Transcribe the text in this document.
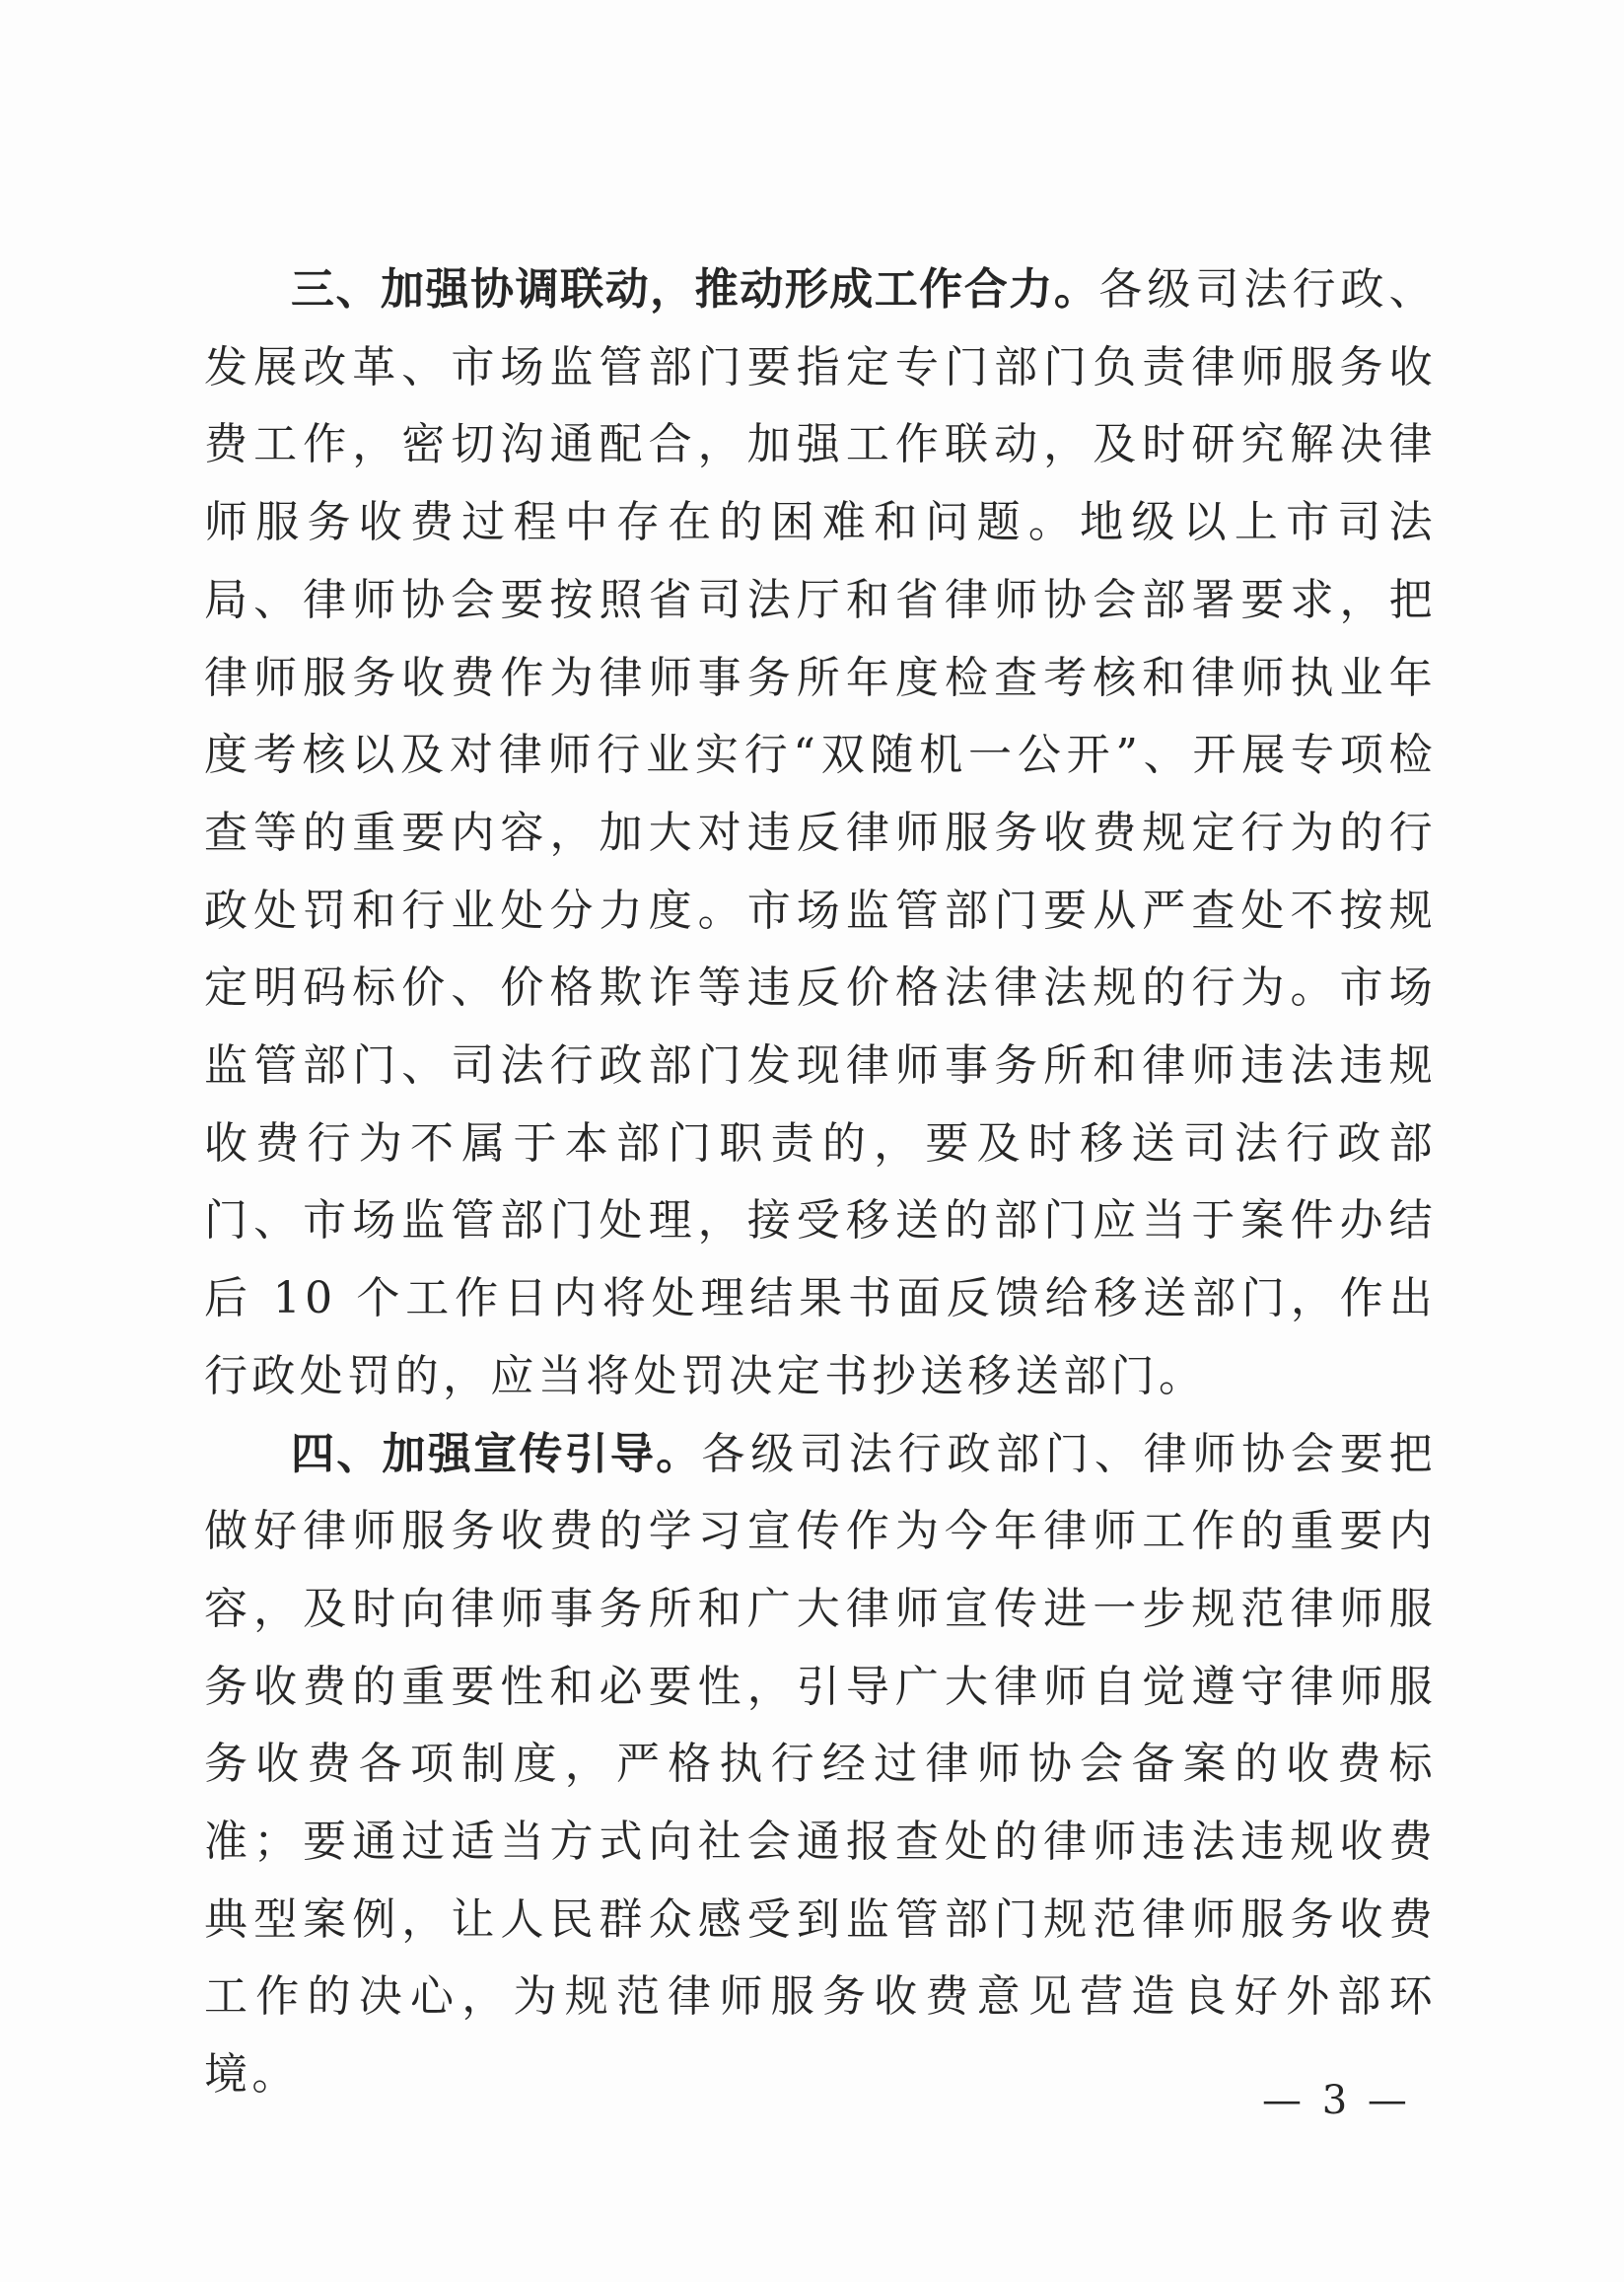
三、加强协调联动，推动形成工作合力。各级司法行政、发展改革、市场监管部门要指定专门部门负责律师服务收费工作，密切沟通配合，加强工作联动，及时研究解决律师服务收费过程中存在的困难和问题。地级以上市司法局、律师协会要按照省司法厅和省律师协会部署要求，把律师服务收费作为律师事务所年度检查考核和律师执业年度考核以及对律师行业实行“双随机一公开”、开展专项检查等的重要内容，加大对违反律师服务收费规定行为的行政处罚和行业处分力度。市场监管部门要从严查处不按规定明码标价、价格欺诈等违反价格法律法规的行为。市场监管部门、司法行政部门发现律师事务所和律师违法违规收费行为不属于本部门职责的，要及时移送司法行政部门、市场监管部门处理，接受移送的部门应当于案件办结后 10 个工作日内将处理结果书面反馈给移送部门，作出行政处罚的，应当将处罚决定书抄送移送部门。

四、加强宣传引导。各级司法行政部门、律师协会要把做好律师服务收费的学习宣传作为今年律师工作的重要内容，及时向律师事务所和广大律师宣传进一步规范律师服务收费的重要性和必要性，引导广大律师自觉遵守律师服务收费各项制度，严格执行经过律师协会备案的收费标准；要通过适当方式向社会通报查处的律师违法违规收费典型案例，让人民群众感受到监管部门规范律师服务收费工作的决心，为规范律师服务收费意见营造良好外部环境。

— 3 —
